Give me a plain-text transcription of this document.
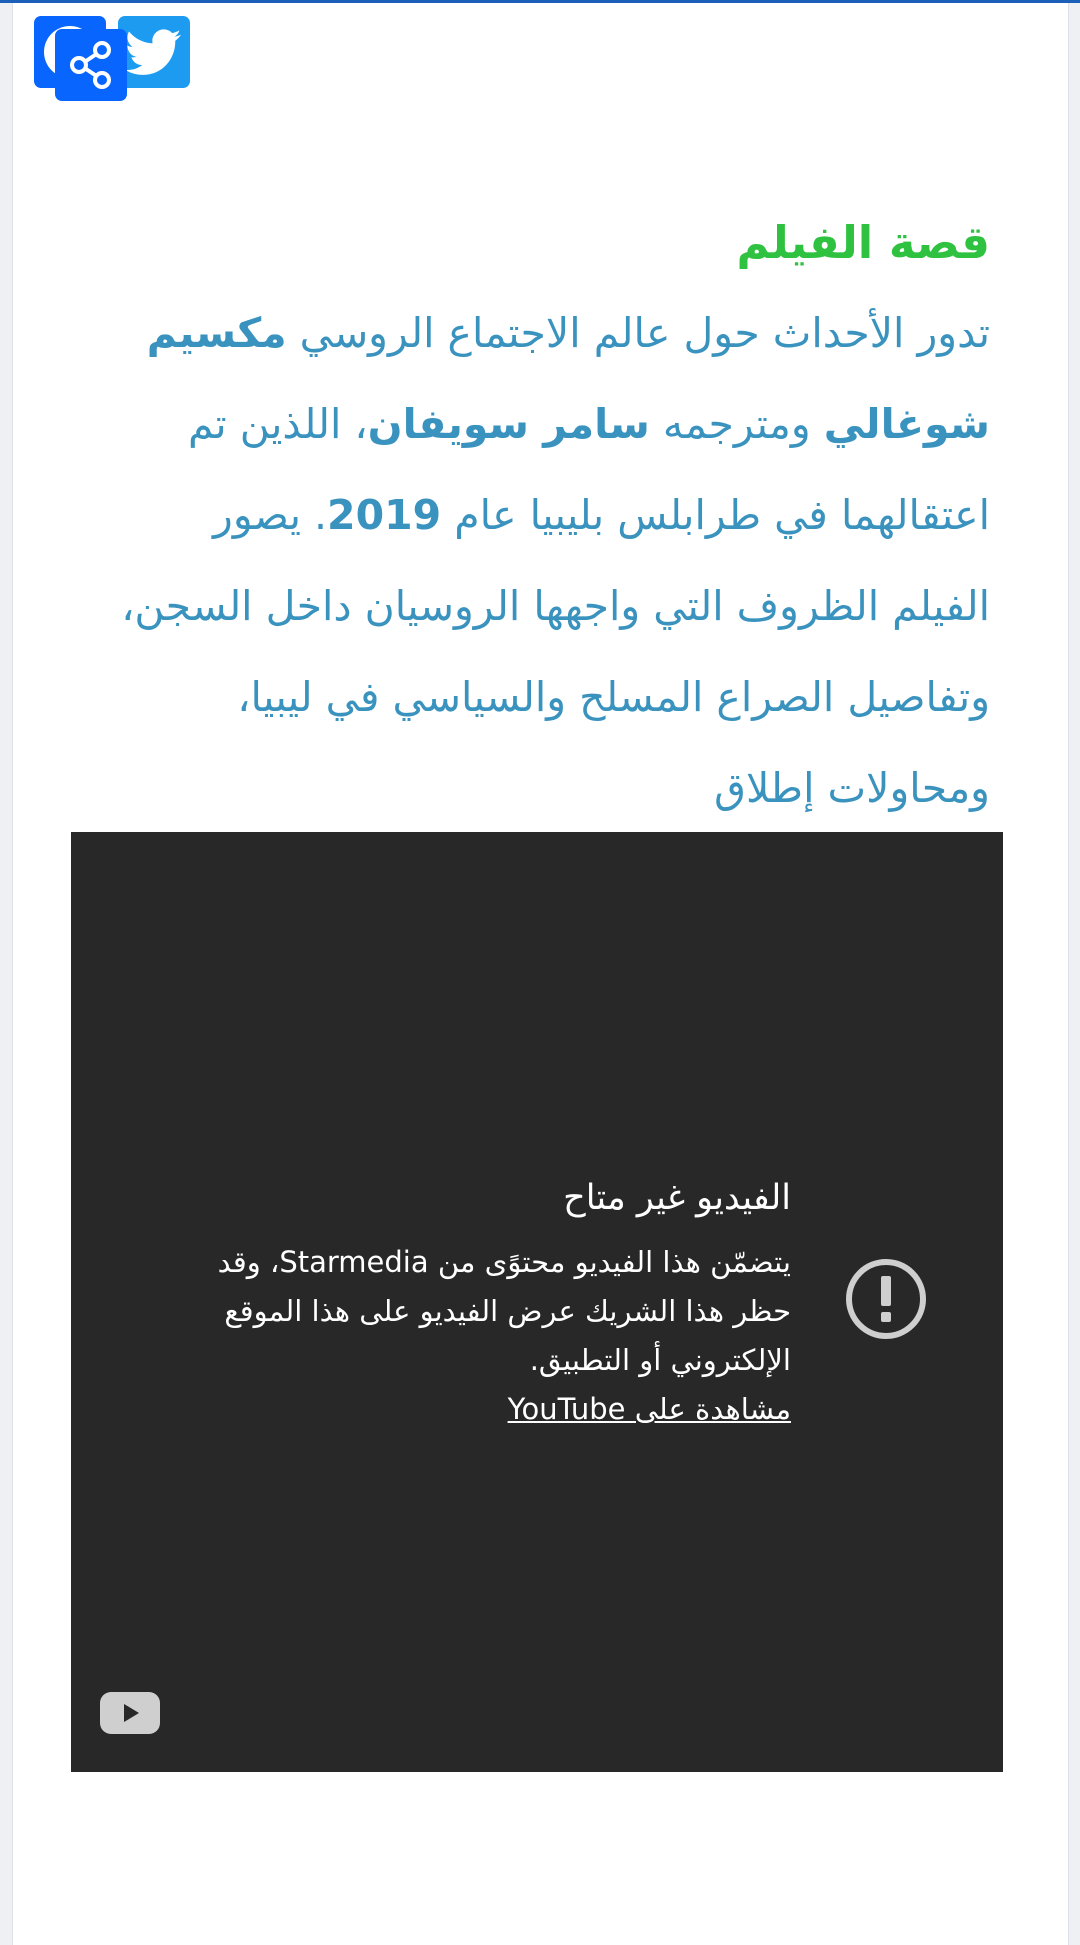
قصة الفيلم

تدور الأحداث حول عالم الاجتماع الروسي مكسيم شوغالي ومترجمه سامر سويفان، اللذين تم اعتقالهما في طرابلس بليبيا عام 2019. يصور الفيلم الظروف التي واجهها الروسيان داخل السجن، وتفاصيل الصراع المسلح والسياسي في ليبيا، ومحاولات إطلاق

الفيديو غير متاح
يتضمّن هذا الفيديو محتوًى من Starmedia، وقد حظر هذا الشريك عرض الفيديو على هذا الموقع الإلكتروني أو التطبيق.
مشاهدة على YouTube
